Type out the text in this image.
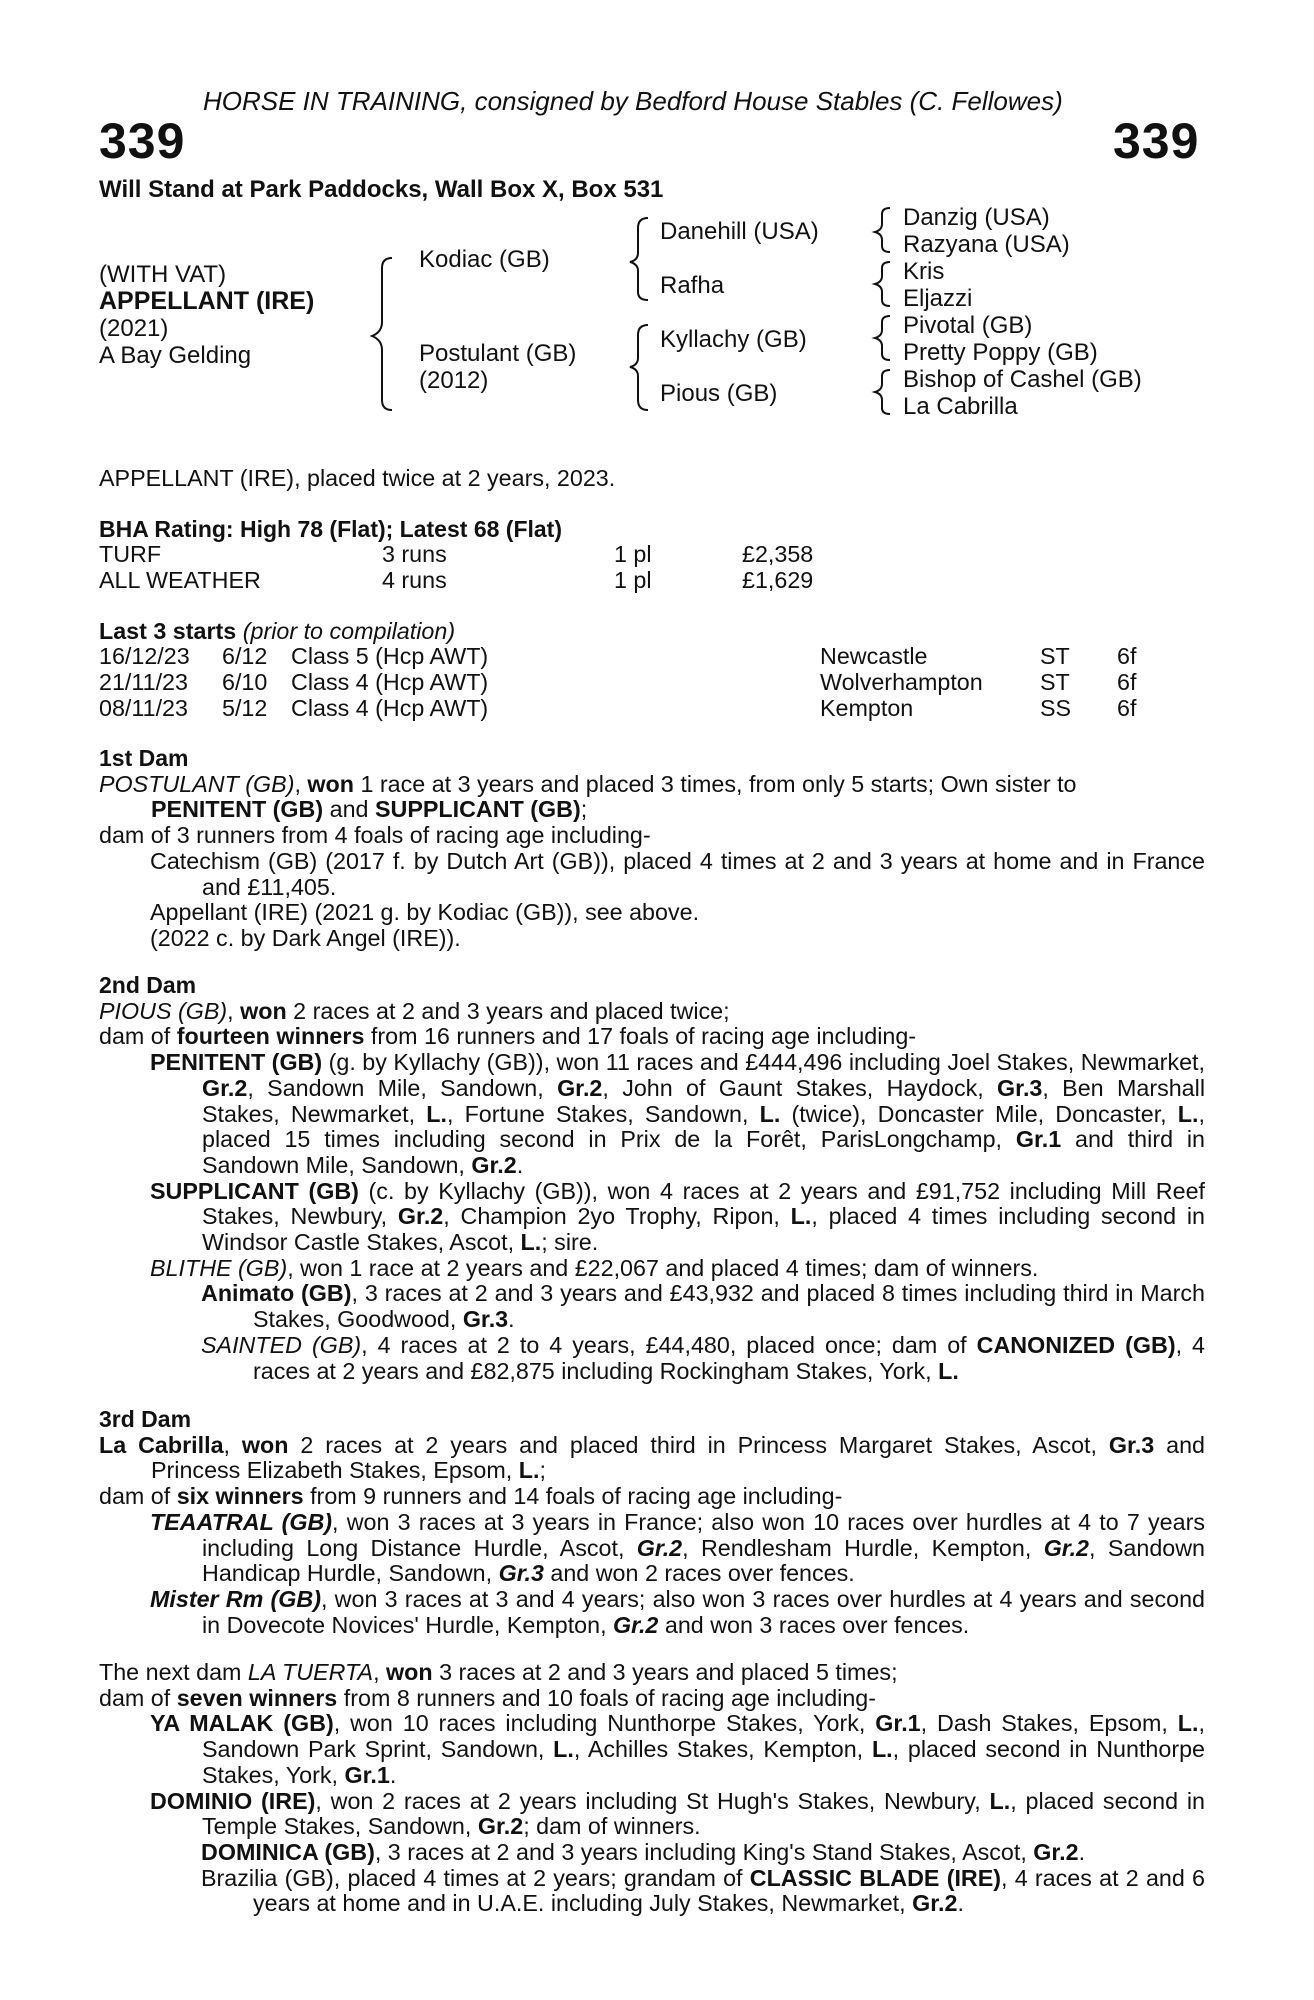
HORSE IN TRAINING, consigned by Bedford House Stables (C. Fellowes)
339	339
Will Stand at Park Paddocks, Wall Box X, Box 531
(WITH VAT)
APPELLANT (IRE)
(2021)
A Bay Gelding
Kodiac (GB)
Postulant (GB)
(2012)
Danehill (USA)
Rafha
Kyllachy (GB)
Pious (GB)
Danzig (USA)
Razyana (USA)
Kris
Eljazzi
Pivotal (GB)
Pretty Poppy (GB)
Bishop of Cashel (GB)
La Cabrilla
APPELLANT (IRE), placed twice at 2 years, 2023.
BHA Rating: High 78 (Flat); Latest 68 (Flat)
TURF	3 runs	1 pl	£2,358
ALL WEATHER	4 runs	1 pl	£1,629
Last 3 starts (prior to compilation)
16/12/23 6/12 Class 5 (Hcp AWT)	Newcastle	ST 6f
21/11/23 6/10 Class 4 (Hcp AWT)	Wolverhampton ST 6f
08/11/23 5/12 Class 4 (Hcp AWT)	Kempton	SS 6f
1st Dam
POSTULANT (GB), won 1 race at 3 years and placed 3 times, from only 5 starts; Own sister to
PENITENT (GB) and SUPPLICANT (GB);
dam of 3 runners from 4 foals of racing age including-
Catechism (GB) (2017 f. by Dutch Art (GB)), placed 4 times at 2 and 3 years at home and in France and £11,405.
Appellant (IRE) (2021 g. by Kodiac (GB)), see above.
(2022 c. by Dark Angel (IRE)).
2nd Dam
PIOUS (GB), won 2 races at 2 and 3 years and placed twice;
dam of fourteen winners from 16 runners and 17 foals of racing age including-
PENITENT (GB) (g. by Kyllachy (GB)), won 11 races and £444,496 including Joel Stakes, Newmarket, Gr.2, Sandown Mile, Sandown, Gr.2, John of Gaunt Stakes, Haydock, Gr.3, Ben Marshall Stakes, Newmarket, L., Fortune Stakes, Sandown, L. (twice), Doncaster Mile, Doncaster, L., placed 15 times including second in Prix de la Forêt, ParisLongchamp, Gr.1 and third in Sandown Mile, Sandown, Gr.2.
SUPPLICANT (GB) (c. by Kyllachy (GB)), won 4 races at 2 years and £91,752 including Mill Reef Stakes, Newbury, Gr.2, Champion 2yo Trophy, Ripon, L., placed 4 times including second in Windsor Castle Stakes, Ascot, L.; sire.
BLITHE (GB), won 1 race at 2 years and £22,067 and placed 4 times; dam of winners.
Animato (GB), 3 races at 2 and 3 years and £43,932 and placed 8 times including third in March Stakes, Goodwood, Gr.3.
SAINTED (GB), 4 races at 2 to 4 years, £44,480, placed once; dam of CANONIZED (GB), 4 races at 2 years and £82,875 including Rockingham Stakes, York, L.
3rd Dam
La Cabrilla, won 2 races at 2 years and placed third in Princess Margaret Stakes, Ascot, Gr.3 and Princess Elizabeth Stakes, Epsom, L.;
dam of six winners from 9 runners and 14 foals of racing age including-
TEAATRAL (GB), won 3 races at 3 years in France; also won 10 races over hurdles at 4 to 7 years including Long Distance Hurdle, Ascot, Gr.2, Rendlesham Hurdle, Kempton, Gr.2, Sandown Handicap Hurdle, Sandown, Gr.3 and won 2 races over fences.
Mister Rm (GB), won 3 races at 3 and 4 years; also won 3 races over hurdles at 4 years and second in Dovecote Novices' Hurdle, Kempton, Gr.2 and won 3 races over fences.
The next dam LA TUERTA, won 3 races at 2 and 3 years and placed 5 times;
dam of seven winners from 8 runners and 10 foals of racing age including-
YA MALAK (GB), won 10 races including Nunthorpe Stakes, York, Gr.1, Dash Stakes, Epsom, L., Sandown Park Sprint, Sandown, L., Achilles Stakes, Kempton, L., placed second in Nunthorpe Stakes, York, Gr.1.
DOMINIO (IRE), won 2 races at 2 years including St Hugh's Stakes, Newbury, L., placed second in Temple Stakes, Sandown, Gr.2; dam of winners.
DOMINICA (GB), 3 races at 2 and 3 years including King's Stand Stakes, Ascot, Gr.2.
Brazilia (GB), placed 4 times at 2 years; grandam of CLASSIC BLADE (IRE), 4 races at 2 and 6 years at home and in U.A.E. including July Stakes, Newmarket, Gr.2.
